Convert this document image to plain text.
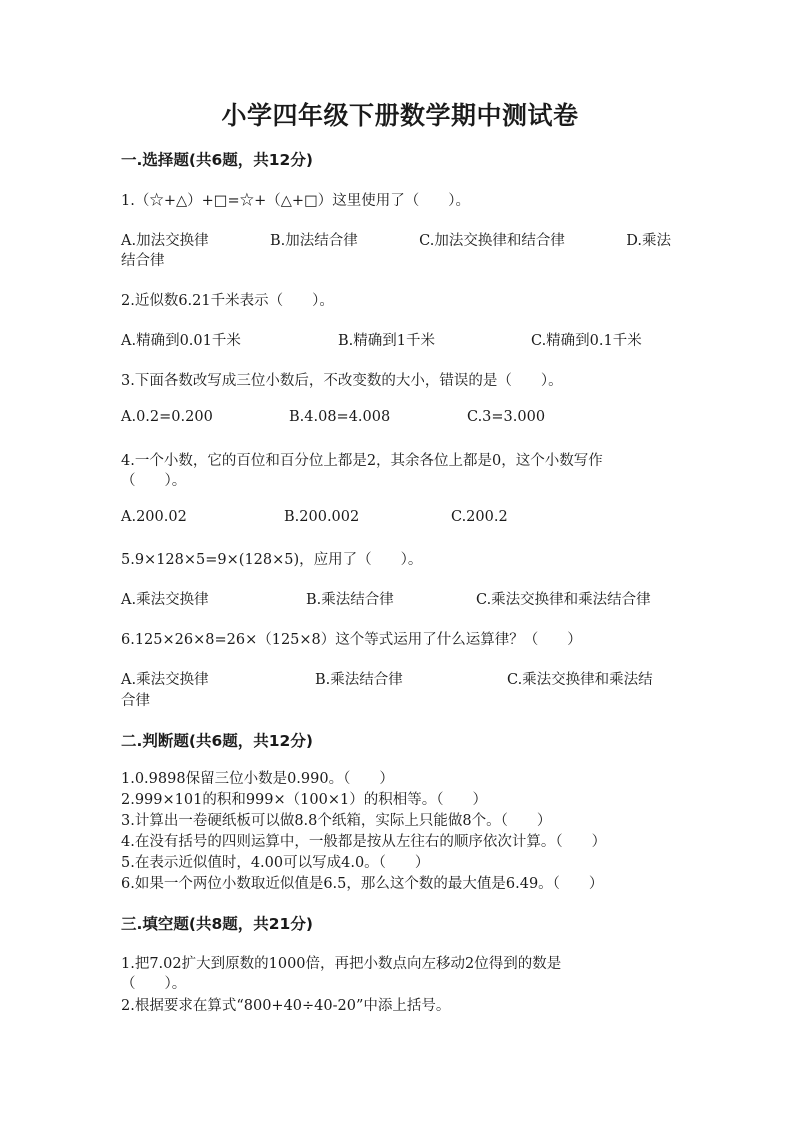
小学四年级下册数学期中测试卷
一.选择题(共6题，共12分)
1.（☆+△）+□=☆+（△+□）这里使用了（　　）。
A.加法交换律	B.加法结合律	C.加法交换律和结合律	D.乘法
结合律
2.近似数6.21千米表示（　　）。
A.精确到0.01千米	B.精确到1千米	C.精确到0.1千米
3.下面各数改写成三位小数后，不改变数的大小，错误的是（　　）。
A.0.2=0.200	B.4.08=4.008	C.3=3.000
4.一个小数，它的百位和百分位上都是2，其余各位上都是0，这个小数写作
（　　）。
A.200.02	B.200.002	C.200.2
5.9×128×5=9×(128×5)，应用了（　　）。
A.乘法交换律	B.乘法结合律	C.乘法交换律和乘法结合律
6.125×26×8=26×（125×8）这个等式运用了什么运算律？（　　）
A.乘法交换律	B.乘法结合律	C.乘法交换律和乘法结
合律
二.判断题(共6题，共12分)
1.0.9898保留三位小数是0.990。（　　）
2.999×101的积和999×（100×1）的积相等。（　　）
3.计算出一卷硬纸板可以做8.8个纸箱，实际上只能做8个。（　　）
4.在没有括号的四则运算中，一般都是按从左往右的顺序依次计算。（　　）
5.在表示近似值时，4.00可以写成4.0。（　　）
6.如果一个两位小数取近似值是6.5，那么这个数的最大值是6.49。（　　）
三.填空题(共8题，共21分)
1.把7.02扩大到原数的1000倍，再把小数点向左移动2位得到的数是
（　　）。
2.根据要求在算式“800+40÷40-20”中添上括号。
